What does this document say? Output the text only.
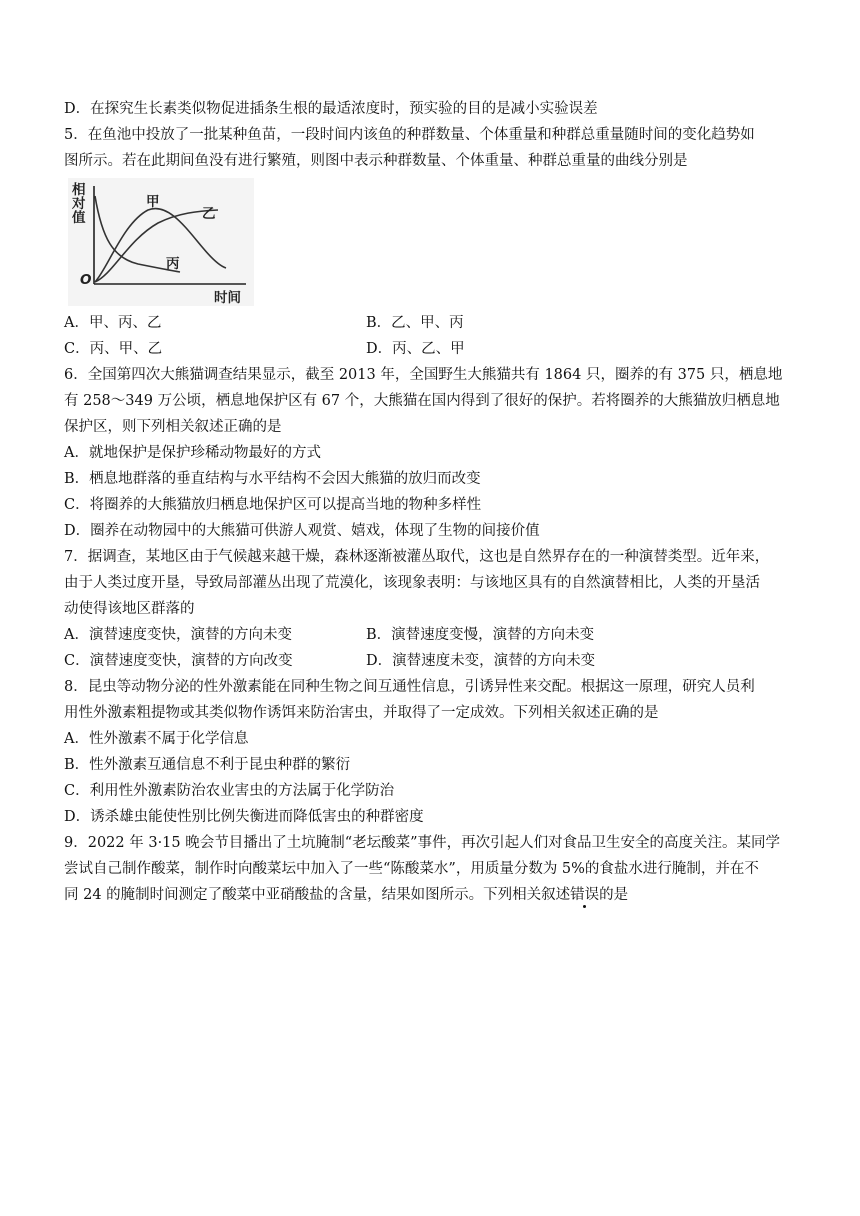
D．在探究生长素类似物促进插条生根的最适浓度时，预实验的目的是减小实验误差
5．在鱼池中投放了一批某种鱼苗，一段时间内该鱼的种群数量、个体重量和种群总重量随时间的变化趋势如
图所示。若在此期间鱼没有进行繁殖，则图中表示种群数量、个体重量、种群总重量的曲线分别是
相
对
值
O
时间
甲
乙
丙
A．甲、丙、乙	B．乙、甲、丙
C．丙、甲、乙	D．丙、乙、甲
6．全国第四次大熊猫调查结果显示，截至 2013 年，全国野生大熊猫共有 1864 只，圈养的有 375 只，栖息地
有 258～349 万公顷，栖息地保护区有 67 个，大熊猫在国内得到了很好的保护。若将圈养的大熊猫放归栖息地
保护区，则下列相关叙述正确的是
A．就地保护是保护珍稀动物最好的方式
B．栖息地群落的垂直结构与水平结构不会因大熊猫的放归而改变
C．将圈养的大熊猫放归栖息地保护区可以提高当地的物种多样性
D．圈养在动物园中的大熊猫可供游人观赏、嬉戏，体现了生物的间接价值
7．据调查，某地区由于气候越来越干燥，森林逐渐被灌丛取代，这也是自然界存在的一种演替类型。近年来，
由于人类过度开垦，导致局部灌丛出现了荒漠化，该现象表明：与该地区具有的自然演替相比，人类的开垦活
动使得该地区群落的
A．演替速度变快，演替的方向未变	B．演替速度变慢，演替的方向未变
C．演替速度变快，演替的方向改变	D．演替速度未变，演替的方向未变
8．昆虫等动物分泌的性外激素能在同种生物之间互通性信息，引诱异性来交配。根据这一原理，研究人员利
用性外激素粗提物或其类似物作诱饵来防治害虫，并取得了一定成效。下列相关叙述正确的是
A．性外激素不属于化学信息
B．性外激素互通信息不利于昆虫种群的繁衍
C．利用性外激素防治农业害虫的方法属于化学防治
D．诱杀雄虫能使性别比例失衡进而降低害虫的种群密度
9．2022 年 3·15 晚会节目播出了土坑腌制“老坛酸菜”事件，再次引起人们对食品卫生安全的高度关注。某同学
尝试自己制作酸菜，制作时向酸菜坛中加入了一些“陈酸菜水”，用质量分数为 5%的食盐水进行腌制，并在不
同 24 的腌制时间测定了酸菜中亚硝酸盐的含量，结果如图所示。下列相关叙述错误的是
